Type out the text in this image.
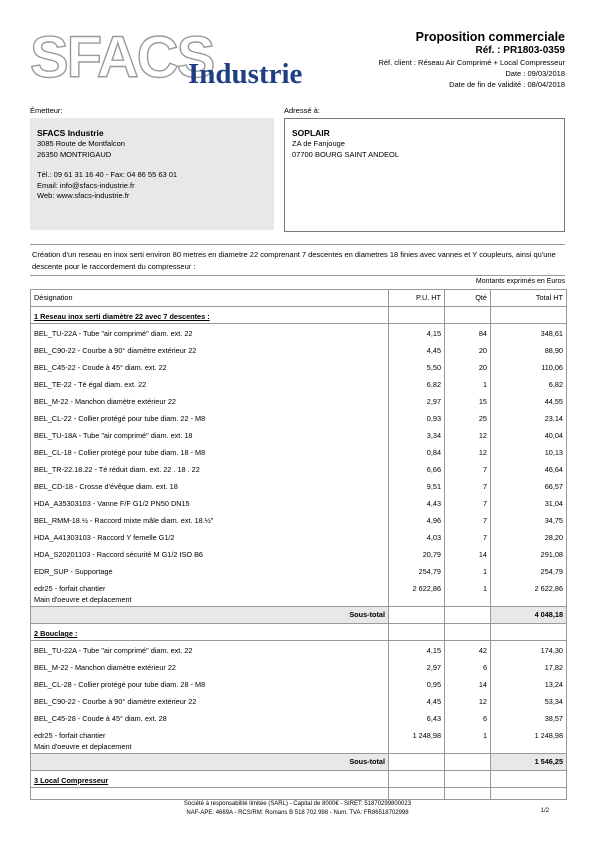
SFACS
Industrie
Proposition commerciale
Réf. : PR1803-0359
Réf. client : Réseau Air Comprimé + Local Compresseur
Date : 09/03/2018
Date de fin de validité : 08/04/2018
Émetteur:	Adressé à:
SFACS Industrie
3085 Route de Montfalcon
26350 MONTRIGAUD
Tél.: 09 61 31 16 40 - Fax: 04 86 55 63 01
Email: info@sfacs-industrie.fr
Web: www.sfacs-industrie.fr
SOPLAIR
ZA de Fanjouge
07700 BOURG SAINT ANDEOL
Création d'un reseau en inox serti environ 80 metres en diametre 22 comprenant 7 descentes en diametres 18 finies avec vannes et Y coupleurs, ainsi qu'une descente pour le raccordement du compresseur :
Montants exprimés en Euros
Désignation	P.U. HT	Qté	Total HT
1 Reseau inox serti diamètre 22 avec 7 descentes :			
BEL_TU-22A - Tube "air comprimé" diam. ext. 22	4,15	84	348,61
BEL_C90-22 - Courbe à 90° diamètre extérieur 22	4,45	20	88,90
BEL_C45-22 - Coude à 45° diam. ext. 22	5,50	20	110,06
BEL_TE-22 - Té égal diam. ext. 22	6,82	1	6,82
BEL_M-22 - Manchon diamètre extérieur 22	2,97	15	44,55
BEL_CL-22 - Collier protégé pour tube diam. 22 - M8	0,93	25	23,14
BEL_TU-18A - Tube "air comprimé" diam. ext. 18	3,34	12	40,04
BEL_CL-18 - Collier protégé pour tube diam. 18 - M8	0,84	12	10,13
BEL_TR-22.18.22 - Té réduit diam. ext. 22 . 18 . 22	6,66	7	46,64
BEL_CD-18 - Crosse d'évêque diam. ext. 18	9,51	7	66,57
HDA_A35303103 - Vanne F/F G1/2 PN50 DN15	4,43	7	31,04
BEL_RMM-18.½ - Raccord mixte mâle diam. ext. 18.½"	4,96	7	34,75
HDA_A41303103 - Raccord Y femelle G1/2	4,03	7	28,20
HDA_S20201103 - Raccord sécurité M G1/2 ISO B6	20,79	14	291,08
EDR_SUP - Supportage	254,79	1	254,79
edr25 - forfait chantier
Main d'oeuvre et deplacement	2 622,86	1	2 622,86
Sous-total			4 048,18
2 Bouclage :			
BEL_TU-22A - Tube "air comprimé" diam. ext. 22	4,15	42	174,30
BEL_M-22 - Manchon diamètre extérieur 22	2,97	6	17,82
BEL_CL-28 - Collier protégé pour tube diam. 28 - M8	0,95	14	13,24
BEL_C90-22 - Courbe à 90° diamètre extérieur 22	4,45	12	53,34
BEL_C45-28 - Coude à 45° diam. ext. 28	6,43	6	38,57
edr25 - forfait chantier
Main d'oeuvre et deplacement	1 248,98	1	1 248,98
Sous-total			1 546,25
3 Local Compresseur			

Société à responsabilité limitée (SARL) - Capital de 8000€ - SIRET: 51870299800023
NAF-APE: 4669A - RCS/RM: Romans B 518 702 998 - Num. TVA: FR86518702998	1/2
